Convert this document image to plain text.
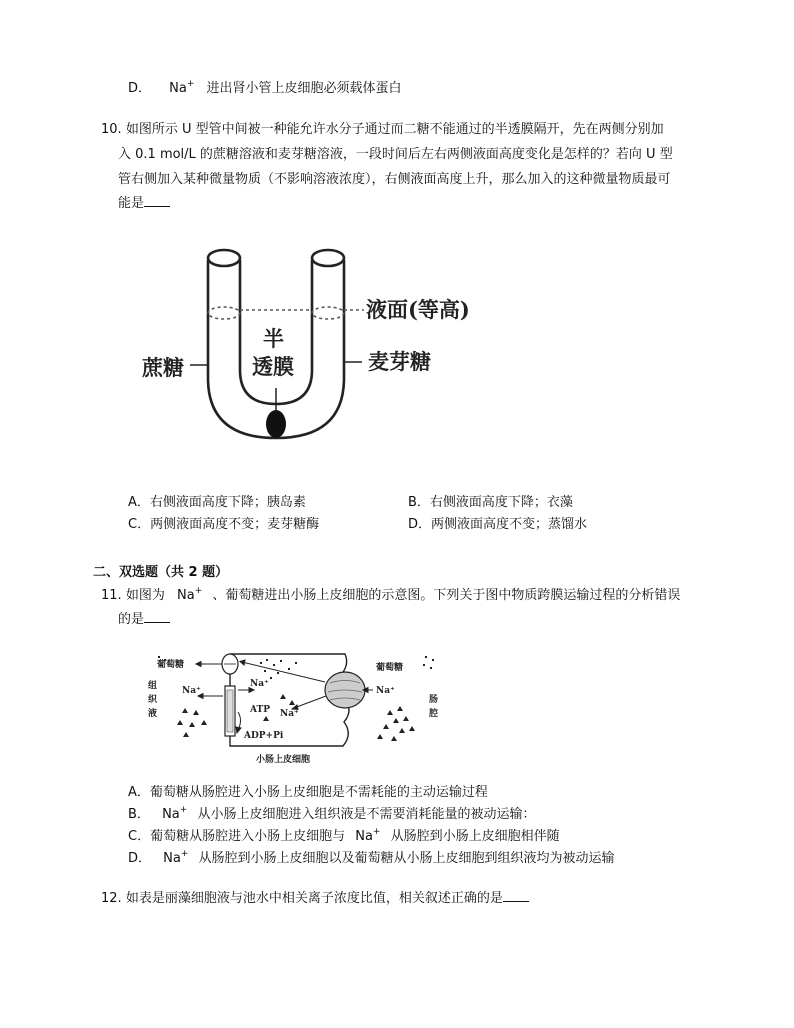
D． Na+ 进出肾小管上皮细胞必须载体蛋白
10. 如图所示 U 型管中间被一种能允许水分子通过而二糖不能通过的半透膜隔开，先在两侧分别加
入 0.1 mol/L 的蔗糖溶液和麦芽糖溶液，一段时间后左右两侧液面高度变化是怎样的？若向 U 型
管右侧加入某种微量物质（不影响溶液浓度），右侧液面高度上升，那么加入的这种微量物质最可
能是
液面(等高)
半
透膜
蔗糖	麦芽糖
A．右侧液面高度下降；胰岛素	B．右侧液面高度下降；衣藻
C．两侧液面高度不变；麦芽糖酶	D．两侧液面高度不变；蒸馏水
二、双选题（共 2 题）
11. 如图为 Na+ 、葡萄糖进出小肠上皮细胞的示意图。下列关于图中物质跨膜运输过程的分析错误
的是
葡萄糖
组
织
液
Na⁺
Na⁺
ATP Na⁺
ADP+Pi
葡萄糖
Na⁺
肠
腔
小肠上皮细胞
A．葡萄糖从肠腔进入小肠上皮细胞是不需耗能的主动运输过程
B． Na+ 从小肠上皮细胞进入组织液是不需要消耗能量的被动运输：
C．葡萄糖从肠腔进入小肠上皮细胞与 Na+ 从肠腔到小肠上皮细胞相伴随
D． Na+ 从肠腔到小肠上皮细胞以及葡萄糖从小肠上皮细胞到组织液均为被动运输
12. 如表是丽藻细胞液与池水中相关离子浓度比值，相关叙述正确的是
